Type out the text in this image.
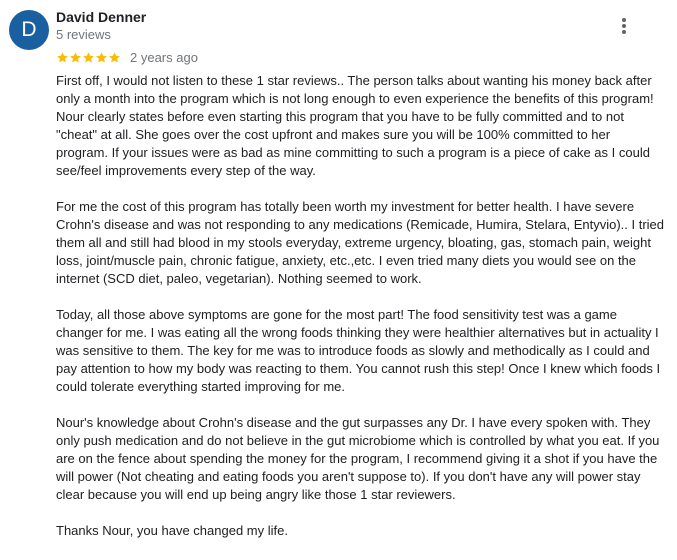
D
David Denner
5 reviews
2 years ago

First off, I would not listen to these 1 star reviews.. The person talks about wanting his money back after only a month into the program which is not long enough to even experience the benefits of this program! Nour clearly states before even starting this program that you have to be fully committed and to not "cheat" at all. She goes over the cost upfront and makes sure you will be 100% committed to her program. If your issues were as bad as mine committing to such a program is a piece of cake as I could see/feel improvements every step of the way.

For me the cost of this program has totally been worth my investment for better health. I have severe Crohn's disease and was not responding to any medications (Remicade, Humira, Stelara, Entyvio).. I tried them all and still had blood in my stools everyday, extreme urgency, bloating, gas, stomach pain, weight loss, joint/muscle pain, chronic fatigue, anxiety, etc.,etc. I even tried many diets you would see on the internet (SCD diet, paleo, vegetarian). Nothing seemed to work.

Today, all those above symptoms are gone for the most part! The food sensitivity test was a game changer for me. I was eating all the wrong foods thinking they were healthier alternatives but in actuality I was sensitive to them. The key for me was to introduce foods as slowly and methodically as I could and pay attention to how my body was reacting to them. You cannot rush this step! Once I knew which foods I could tolerate everything started improving for me.

Nour's knowledge about Crohn's disease and the gut surpasses any Dr. I have every spoken with. They only push medication and do not believe in the gut microbiome which is controlled by what you eat. If you are on the fence about spending the money for the program, I recommend giving it a shot if you have the will power (Not cheating and eating foods you aren't suppose to). If you don't have any will power stay clear because you will end up being angry like those 1 star reviewers.

Thanks Nour, you have changed my life.
